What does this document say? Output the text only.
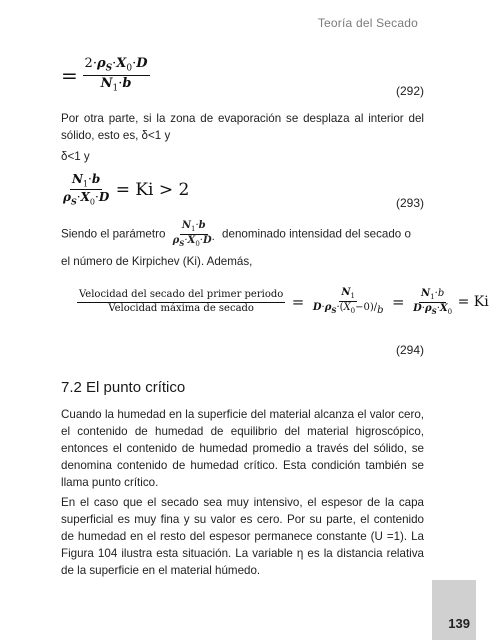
Teoría del Secado
= $\frac{2\cdot\rho_S\cdot X_0\cdot D}{N_1\cdot b}$	(292)
Por otra parte, si la zona de evaporación se desplaza al interior del sólido, esto es, δ<1 y
δ<1 y
$\frac{N_1\cdot b}{\rho_S\cdot X_0\cdot D} = Ki > 2$
(293)
Siendo el parámetro $\frac{N_1\cdot b}{\rho_S\cdot X_0\cdot D\cdot}$ denominado intensidad del secado o
el número de Kirpichev (Ki). Además,
$\frac{\text{Velocidad del secado del primer periodo}}{\text{Velocidad máxima de secado}} = \frac{N_1}{D\cdot\rho_S\cdot(X_0-0)/_b} = \frac{N_1\cdot b}{D\cdot\rho_S\cdot X_0} = Ki$
(294)
7.2 El punto crítico
Cuando la humedad en la superficie del material alcanza el valor cero, el contenido de humedad de equilibrio del material higroscópico, entonces el contenido de humedad promedio a través del sólido, se denomina contenido de humedad crítico. Esta condición también se llama punto crítico.
En el caso que el secado sea muy intensivo, el espesor de la capa superficial es muy fina y su valor es cero. Por su parte, el contenido de humedad en el resto del espesor permanece constante (U =1). La Figura 104 ilustra esta situación. La variable η es la distancia relativa de la superficie en el material húmedo.
139
